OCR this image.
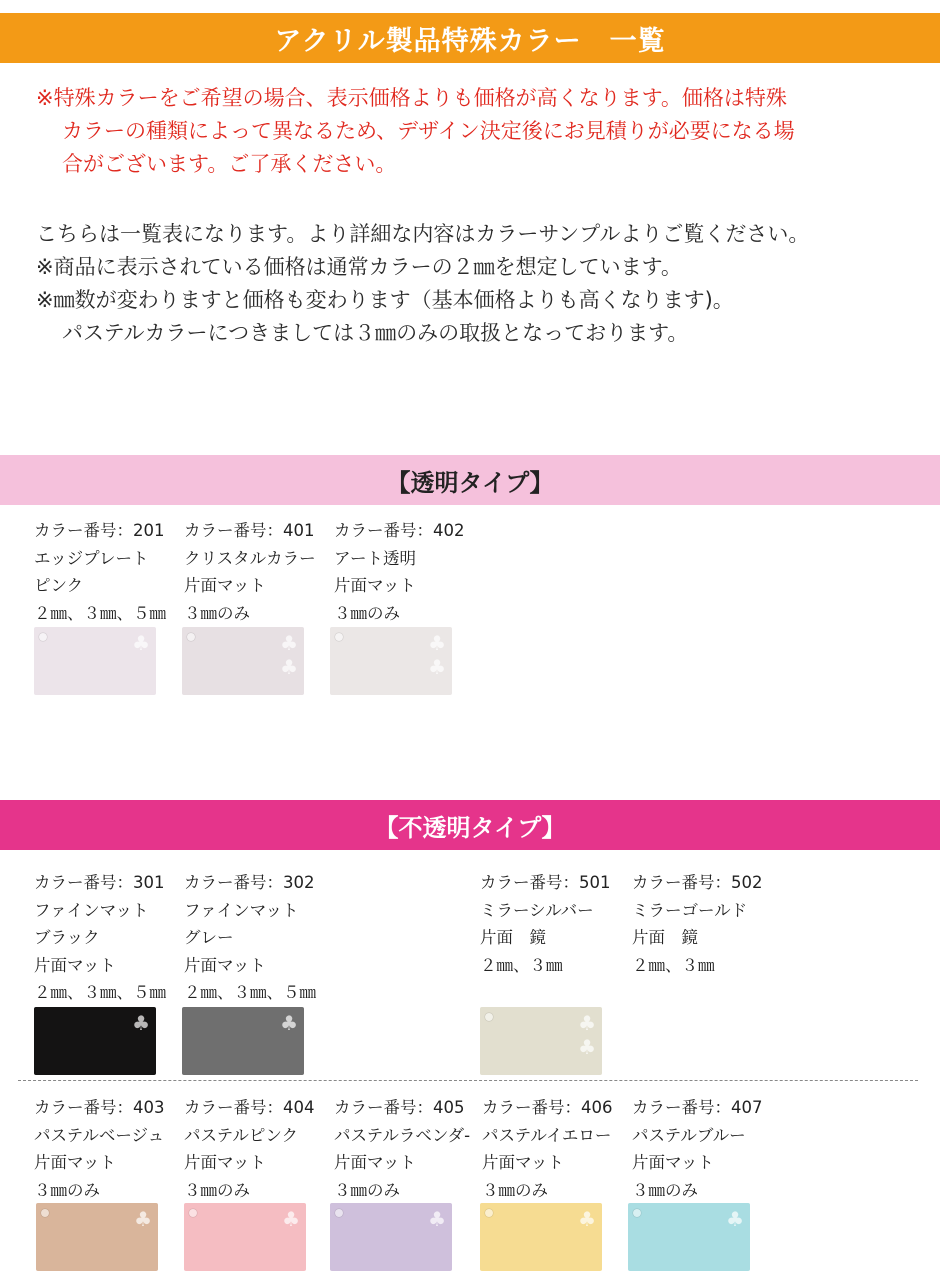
アクリル製品特殊カラー　一覧
※特殊カラーをご希望の場合、表示価格よりも価格が高くなります。価格は特殊
カラーの種類によって異なるため、デザイン決定後にお見積りが必要になる場
合がございます。ご了承ください。
こちらは一覧表になります。より詳細な内容はカラーサンプルよりご覧ください。
※商品に表示されている価格は通常カラーの２㎜を想定しています。
※㎜数が変わりますと価格も変わります（基本価格よりも高くなります)。
パステルカラーにつきましては３㎜のみの取扱となっております。
【透明タイプ】
カラー番号：201
エッジプレート
ピンク
２㎜、３㎜、５㎜
カラー番号：401
クリスタルカラー
片面マット
３㎜のみ
カラー番号：402
アート透明
片面マット
３㎜のみ
♣	♣
♣
♣
♣
【不透明タイプ】
カラー番号：301
ファインマット
ブラック
片面マット
２㎜、３㎜、５㎜
カラー番号：302
ファインマット
グレー
片面マット
２㎜、３㎜、５㎜
カラー番号：501
ミラーシルバー
片面　鏡
２㎜、３㎜
カラー番号：502
ミラーゴールド
片面　鏡
２㎜、３㎜
♣	♣	♣
♣
カラー番号：403
パステルベージュ
片面マット
３㎜のみ
カラー番号：404
パステルピンク
片面マット
３㎜のみ
カラー番号：405
パステルラベンダ-
片面マット
３㎜のみ
カラー番号：406
パステルイエロー
片面マット
３㎜のみ
カラー番号：407
パステルブルー
片面マット
３㎜のみ
♣	♣	♣	♣	♣
